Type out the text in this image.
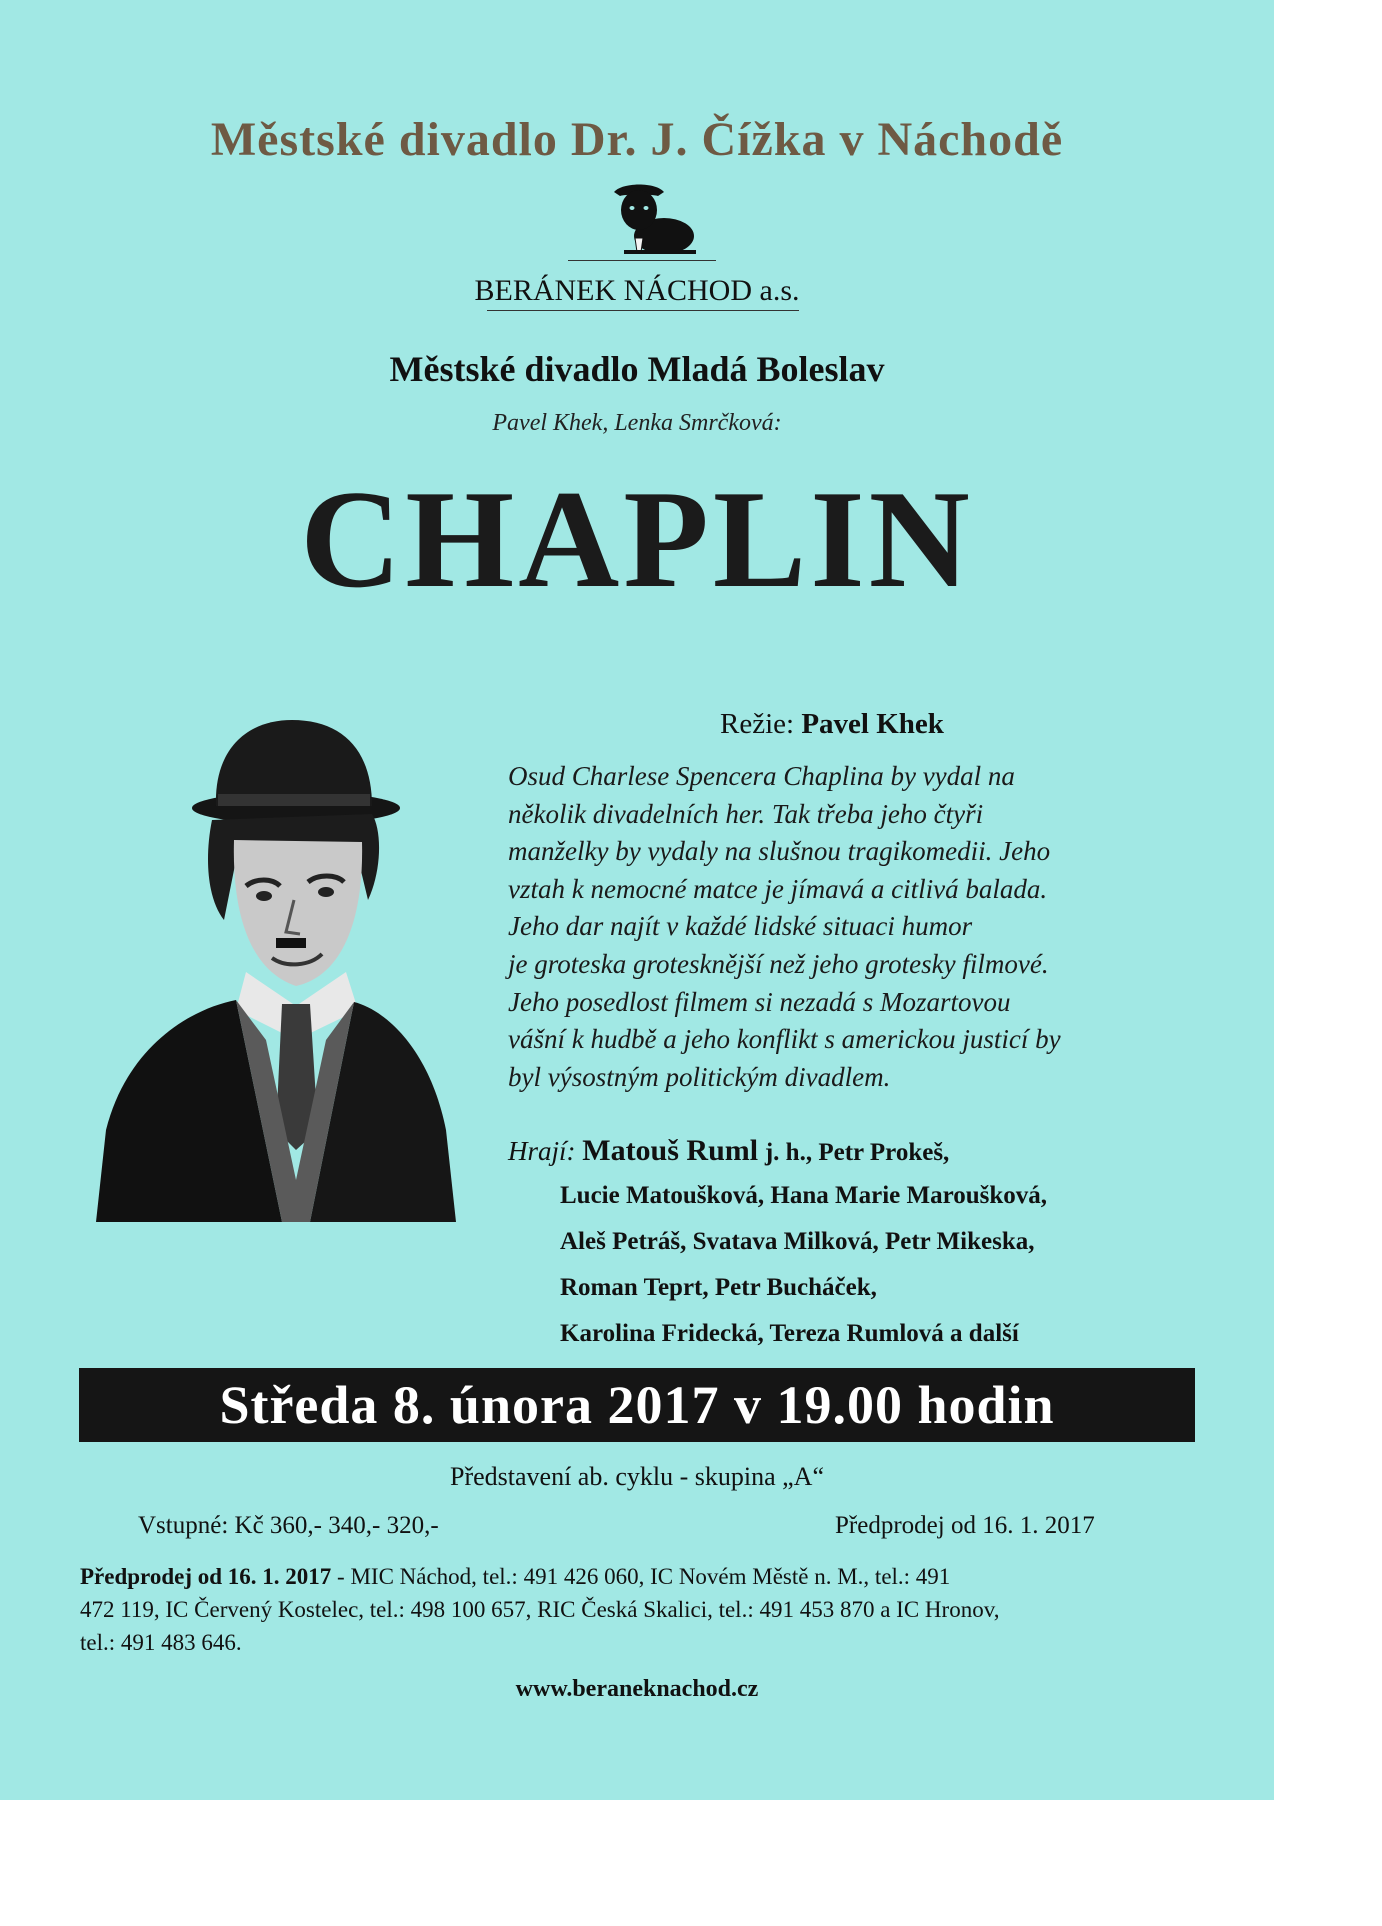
Městské divadlo Dr. J. Čížka v Náchodě
BERÁNEK NÁCHOD a.s.
Městské divadlo Mladá Boleslav
Pavel Khek, Lenka Smrčková:
CHAPLIN
Režie: Pavel Khek
Osud Charlese Spencera Chaplina by vydal na
několik divadelních her. Tak třeba jeho čtyři
manželky by vydaly na slušnou tragikomedii. Jeho
vztah k nemocné matce je jímavá a citlivá balada.
Jeho dar najít v každé lidské situaci humor
je groteska grotesknější než jeho grotesky filmové.
Jeho posedlost filmem si nezadá s Mozartovou
vášní k hudbě a jeho konflikt s americkou justicí by
byl výsostným politickým divadlem.
Hrají: Matouš Ruml j. h., Petr Prokeš,
Lucie Matoušková, Hana Marie Maroušková,
Aleš Petráš, Svatava Milková, Petr Mikeska,
Roman Teprt, Petr Bucháček,
Karolina Fridecká, Tereza Rumlová a další
Středa 8. února 2017 v 19.00 hodin
Představení ab. cyklu - skupina „A“
Vstupné: Kč 360,- 340,- 320,-	Předprodej od 16. 1. 2017
Předprodej od 16. 1. 2017 - MIC Náchod, tel.: 491 426 060, IC Novém Městě n. M., tel.: 491
472 119, IC Červený Kostelec, tel.: 498 100 657, RIC Česká Skalici, tel.: 491 453 870 a IC Hronov,
tel.: 491 483 646.
www.beraneknachod.cz
